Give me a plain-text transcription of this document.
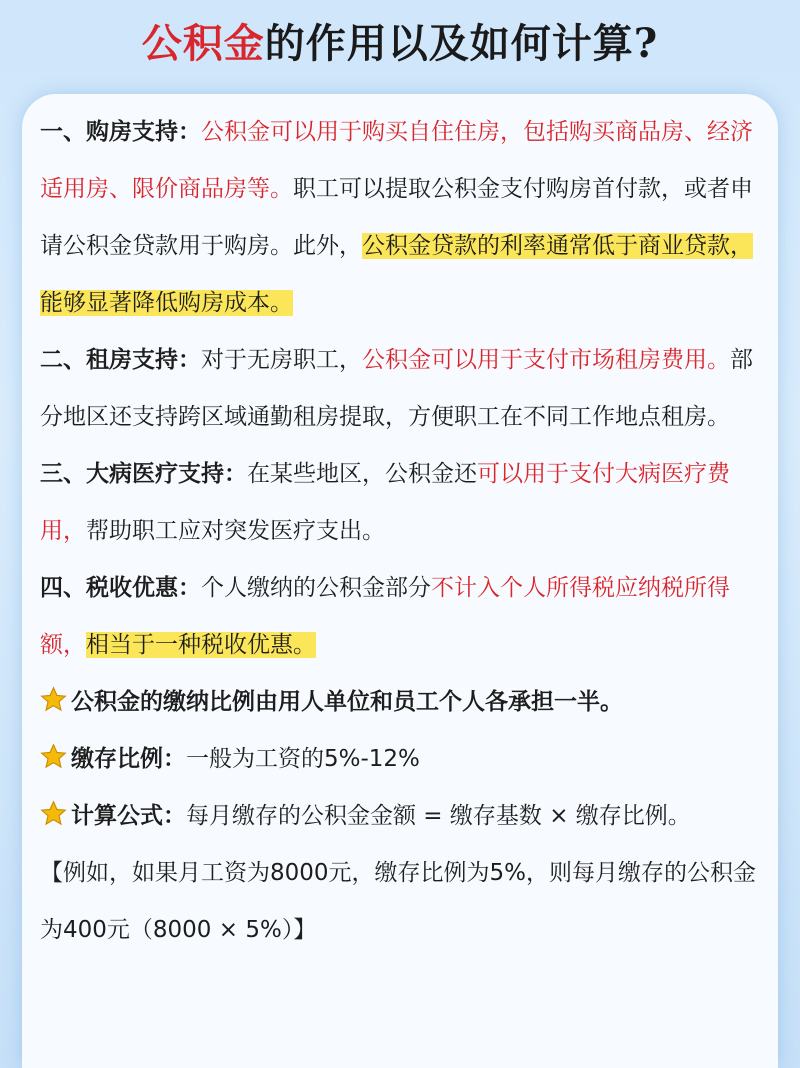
公积金的作用以及如何计算?

一、购房支持：公积金可以用于购买自住住房，包括购买商品房、经济适用房、限价商品房等。职工可以提取公积金支付购房首付款，或者申请公积金贷款用于购房。此外，公积金贷款的利率通常低于商业贷款，能够显著降低购房成本。

二、租房支持：对于无房职工，公积金可以用于支付市场租房费用。部分地区还支持跨区域通勤租房提取，方便职工在不同工作地点租房。

三、大病医疗支持：在某些地区，公积金还可以用于支付大病医疗费用，帮助职工应对突发医疗支出。

四、税收优惠：个人缴纳的公积金部分不计入个人所得税应纳税所得额，相当于一种税收优惠。

公积金的缴纳比例由用人单位和员工个人各承担一半。

缴存比例：一般为工资的5%-12%

计算公式：每月缴存的公积金金额 = 缴存基数 × 缴存比例。

【例如，如果月工资为8000元，缴存比例为5%，则每月缴存的公积金为400元（8000 × 5%）】
